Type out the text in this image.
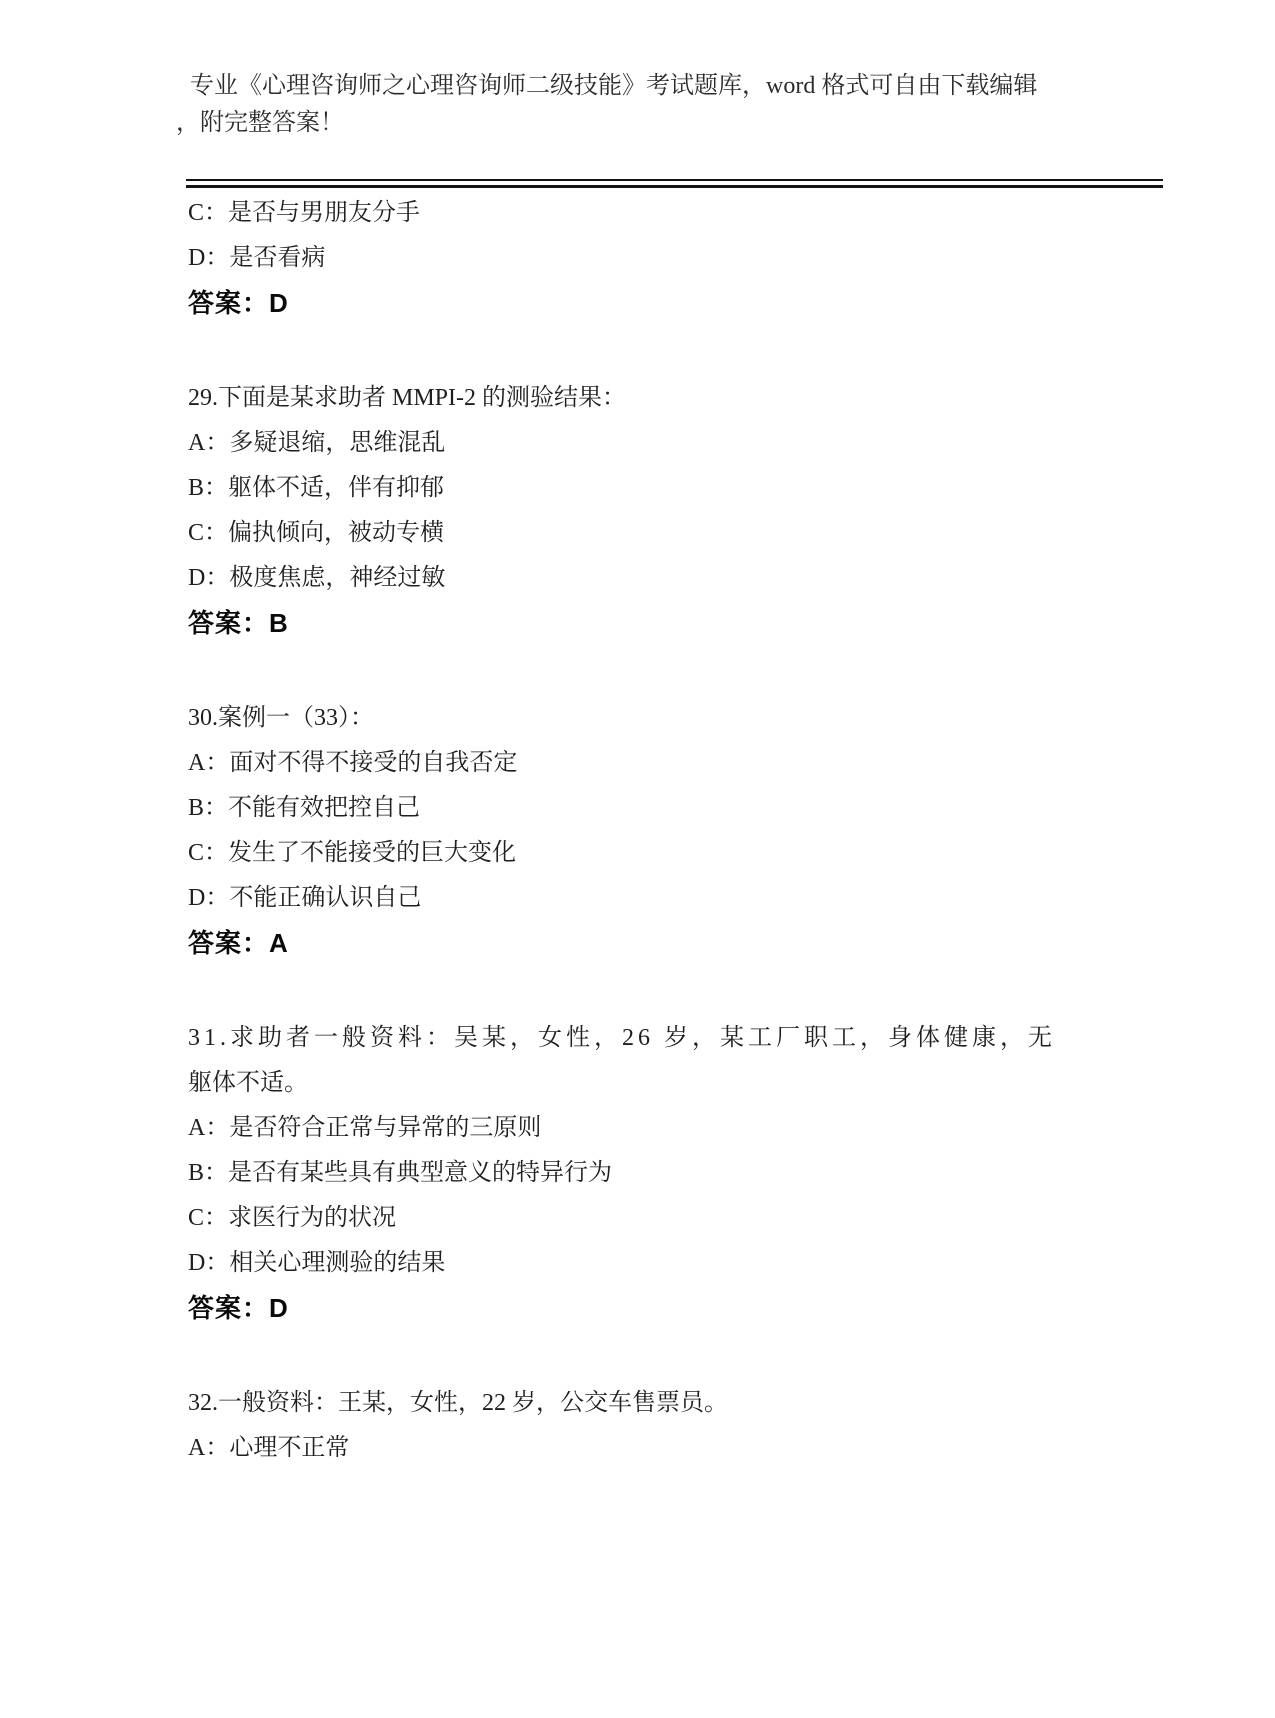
专业《心理咨询师之心理咨询师二级技能》考试题库，word 格式可自由下载编辑
，附完整答案！
C：是否与男朋友分手
D：是否看病
答案：D
29.下面是某求助者 MMPI-2 的测验结果：
A：多疑退缩，思维混乱
B：躯体不适，伴有抑郁
C：偏执倾向，被动专横
D：极度焦虑，神经过敏
答案：B
30.案例一（33）：
A：面对不得不接受的自我否定
B：不能有效把控自己
C：发生了不能接受的巨大变化
D：不能正确认识自己
答案：A
31.求助者一般资料：吴某，女性，26 岁，某工厂职工，身体健康，无
躯体不适。
A：是否符合正常与异常的三原则
B：是否有某些具有典型意义的特异行为
C：求医行为的状况
D：相关心理测验的结果
答案：D
32.一般资料：王某，女性，22 岁，公交车售票员。
A：心理不正常
